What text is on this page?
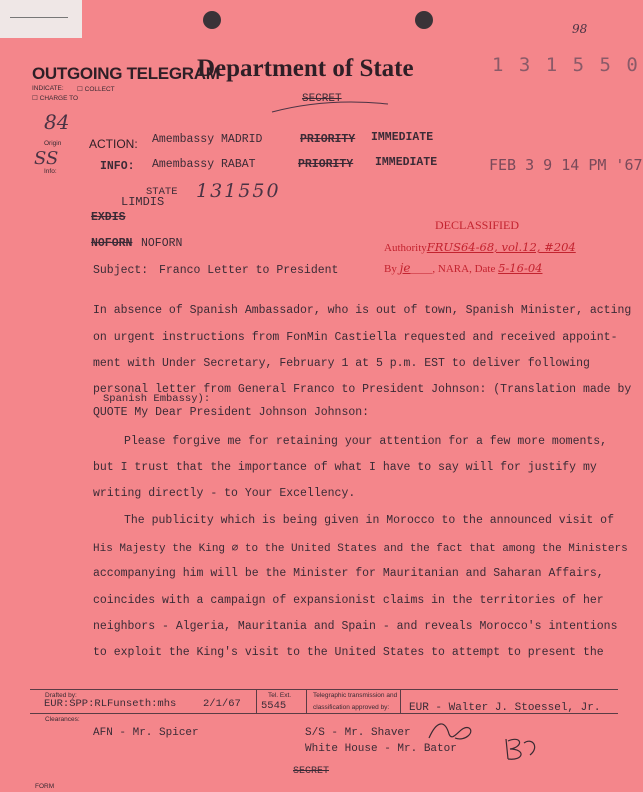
98
OUTGOING TELEGRAM
Department of State	1 3 1 5 5 0
INDICATE: ☐ COLLECT
☐ CHARGE TO	SECRET
84
Origin
SS
Info:
ACTION: Amembassy MADRID	PRIORITY IMMEDIATE
INFO: Amembassy RABAT	PRIORITY IMMEDIATE	FEB 3 9 14 PM '67
STATE 131550
LIMDIS
EXDIS
NOFORN NOFORN
DECLASSIFIED
AuthorityFRUS64-68, vol.12, #204
By je____, NARA, Date 5-16-04
Subject: Franco Letter to President
In absence of Spanish Ambassador, who is out of town, Spanish Minister, acting
on urgent instructions from FonMin Castiella requested and received appoint-
ment with Under Secretary, February 1 at 5 p.m. EST to deliver following
personal letter from General Franco to President Johnson: (Translation made by
Spanish Embassy):
QUOTE My Dear President Johnson Johnson:
Please forgive me for retaining your attention for a few more moments,
but I trust that the importance of what I have to say will for justify my
writing directly - to Your Excellency.
The publicity which is being given in Morocco to the announced visit of
His Majesty the King ∅ to the United States and the fact that among the Ministers
accompanying him will be the Minister for Mauritanian and Saharan Affairs,
coincides with a campaign of expansionist claims in the territories of her
neighbors - Algeria, Mauritania and Spain - and reveals Morocco's intentions
to exploit the King's visit to the United States to attempt to present the
Drafted by:
EUR:SPP:RLFunseth:mhs	2/1/67
Tel. Ext.
5545
Telegraphic transmission and
classification approved by: EUR - Walter J. Stoessel, Jr.
Clearances:
AFN - Mr. Spicer	S/S - Mr. Shaver
White House - Mr. Bator
SECRET
FORM
